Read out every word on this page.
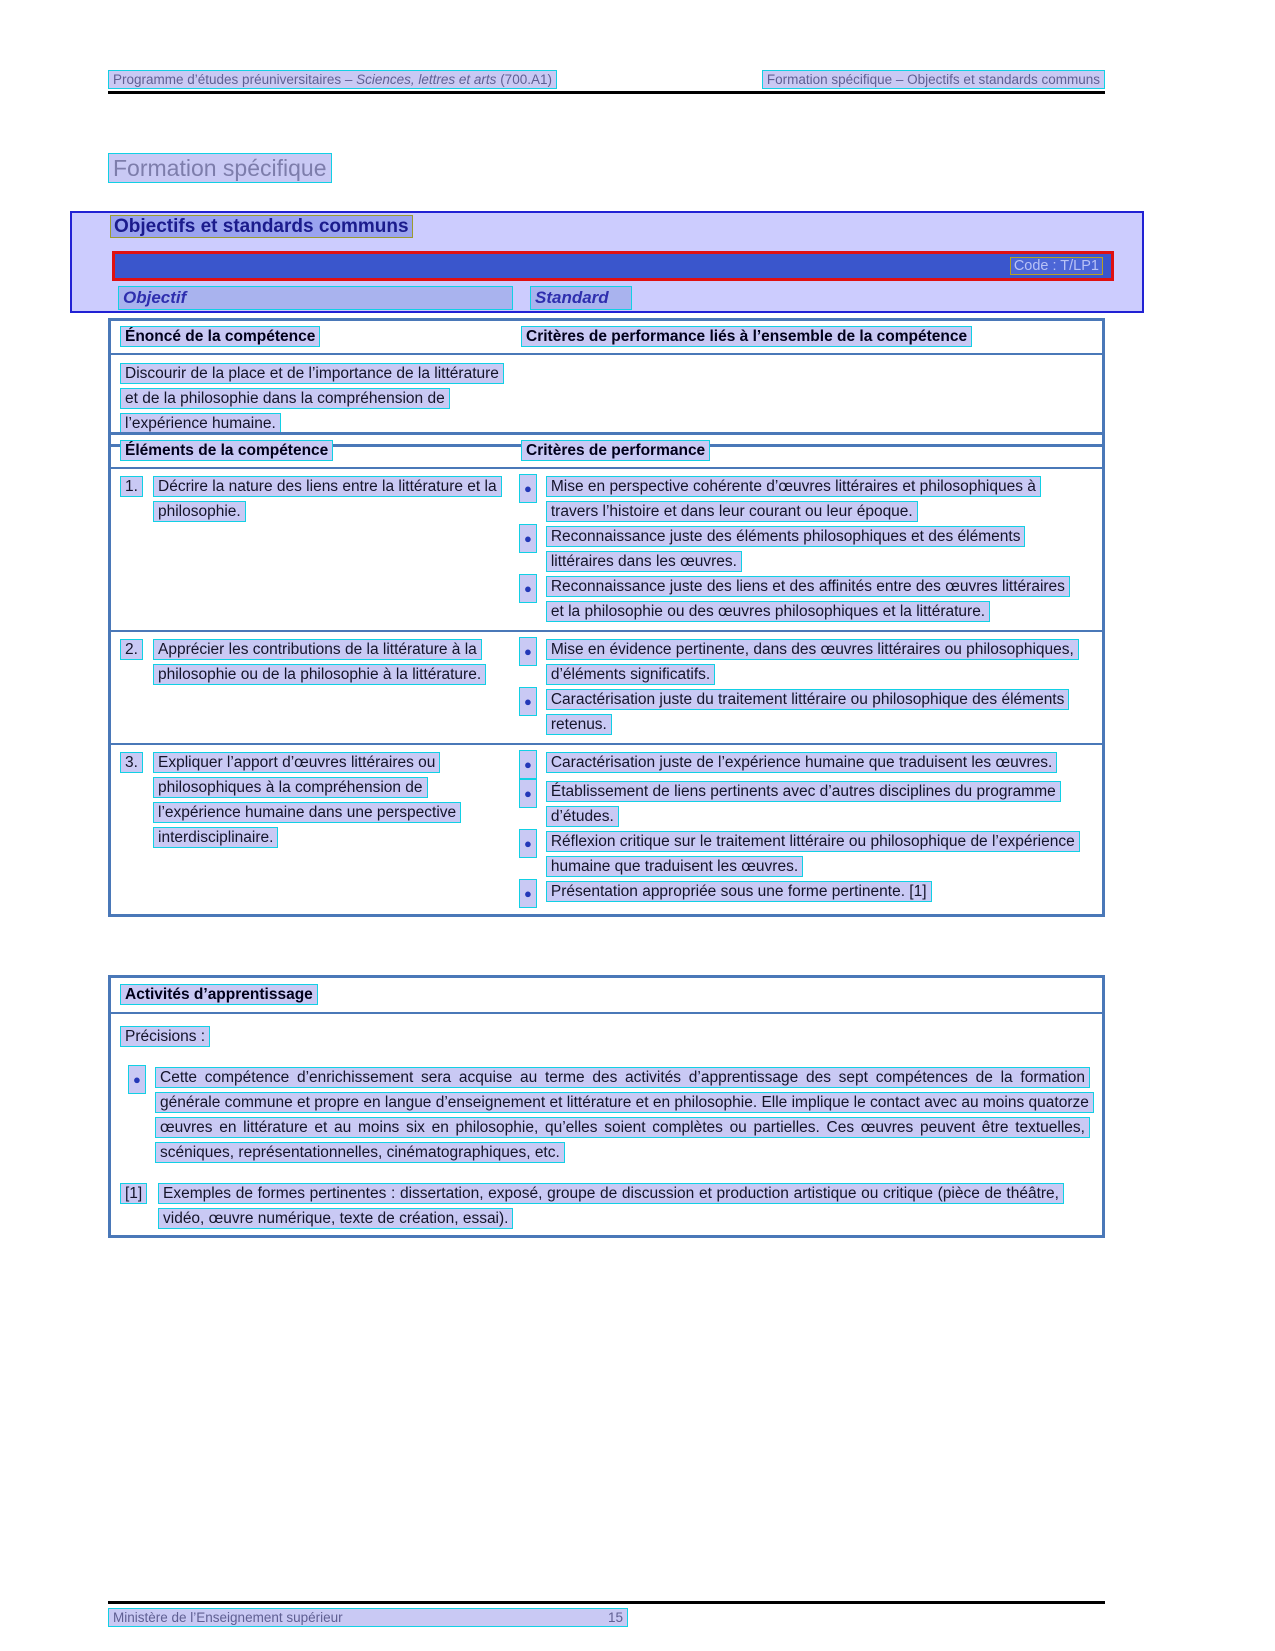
Programme d’études préuniversitaires – Sciences, lettres et arts (700.A1)	Formation spécifique – Objectifs et standards communs
Formation spécifique
Objectifs et standards communs
Code : T/LP1
Objectif	Standard
Énoncé de la compétence	Critères de performance liés à l’ensemble de la compétence
Discourir de la place et de l’importance de la littérature et de la philosophie dans la compréhension de l’expérience humaine.
Éléments de la compétence	Critères de performance
1.	Décrire la nature des liens entre la littérature et la philosophie.

●	Mise en perspective cohérente d’œuvres littéraires et philosophiques à travers l’histoire et dans leur courant ou leur époque.

●	Reconnaissance juste des éléments philosophiques et des éléments littéraires dans les œuvres.

●	Reconnaissance juste des liens et des affinités entre des œuvres littéraires et la philosophie ou des œuvres philosophiques et la littérature.

2.	Apprécier les contributions de la littérature à la philosophie ou de la philosophie à la littérature.

●	Mise en évidence pertinente, dans des œuvres littéraires ou philosophiques, d’éléments significatifs.

●	Caractérisation juste du traitement littéraire ou philosophique des éléments retenus.

3.	Expliquer l’apport d’œuvres littéraires ou philosophiques à la compréhension de l’expérience humaine dans une perspective interdisciplinaire.

●	Caractérisation juste de l’expérience humaine que traduisent les œuvres.

●	Établissement de liens pertinents avec d’autres disciplines du programme d’études.

●	Réflexion critique sur le traitement littéraire ou philosophique de l’expérience humaine que traduisent les œuvres.

●	Présentation appropriée sous une forme pertinente. [1]

Activités d’apprentissage
Précisions :
●	Cette compétence d’enrichissement sera acquise au terme des activités d’apprentissage des sept compétences de la formation générale commune et propre en langue d’enseignement et littérature et en philosophie. Elle implique le contact avec au moins quatorze œuvres en littérature et au moins six en philosophie, qu’elles soient complètes ou partielles. Ces œuvres peuvent être textuelles, scéniques, représentationnelles, cinématographiques, etc.
[1]	Exemples de formes pertinentes : dissertation, exposé, groupe de discussion et production artistique ou critique (pièce de théâtre, vidéo, œuvre numérique, texte de création, essai).
Ministère de l’Enseignement supérieur	15
